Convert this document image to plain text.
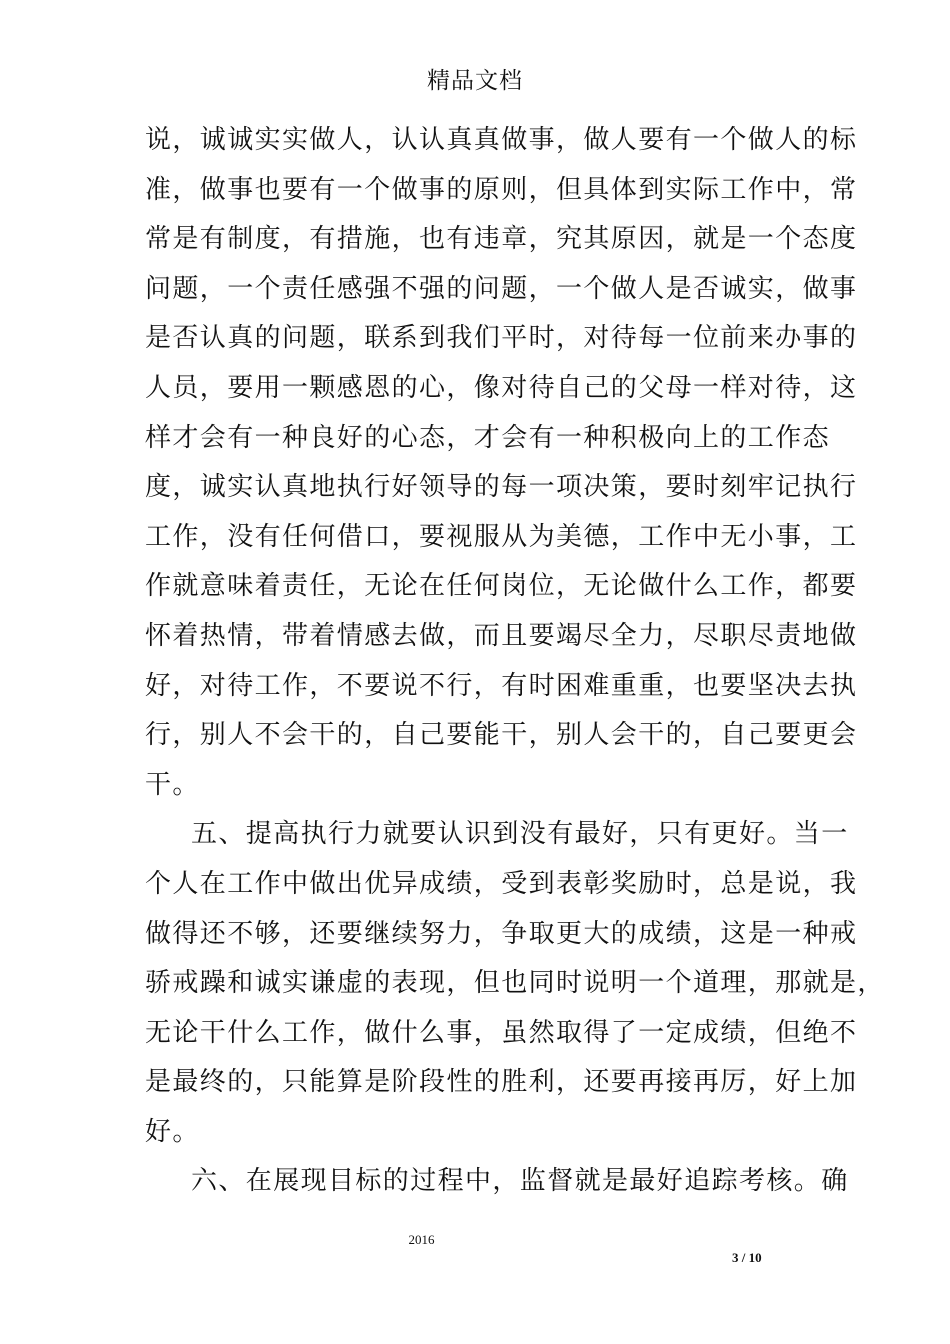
精品文档
说，诚诚实实做人，认认真真做事，做人要有一个做人的标
准，做事也要有一个做事的原则，但具体到实际工作中，常
常是有制度，有措施，也有违章，究其原因，就是一个态度
问题，一个责任感强不强的问题，一个做人是否诚实，做事
是否认真的问题，联系到我们平时，对待每一位前来办事的
人员，要用一颗感恩的心，像对待自己的父母一样对待，这
样才会有一种良好的心态，才会有一种积极向上的工作态
度，诚实认真地执行好领导的每一项决策，要时刻牢记执行
工作，没有任何借口，要视服从为美德，工作中无小事，工
作就意味着责任，无论在任何岗位，无论做什么工作，都要
怀着热情，带着情感去做，而且要竭尽全力，尽职尽责地做
好，对待工作，不要说不行，有时困难重重，也要坚决去执
行，别人不会干的，自己要能干，别人会干的，自己要更会
干。
五、提高执行力就要认识到没有最好，只有更好。当一
个人在工作中做出优异成绩，受到表彰奖励时，总是说，我
做得还不够，还要继续努力，争取更大的成绩，这是一种戒
骄戒躁和诚实谦虚的表现，但也同时说明一个道理，那就是，
无论干什么工作，做什么事，虽然取得了一定成绩，但绝不
是最终的，只能算是阶段性的胜利，还要再接再厉，好上加
好。
六、在展现目标的过程中，监督就是最好追踪考核。确
2016
3 / 10
